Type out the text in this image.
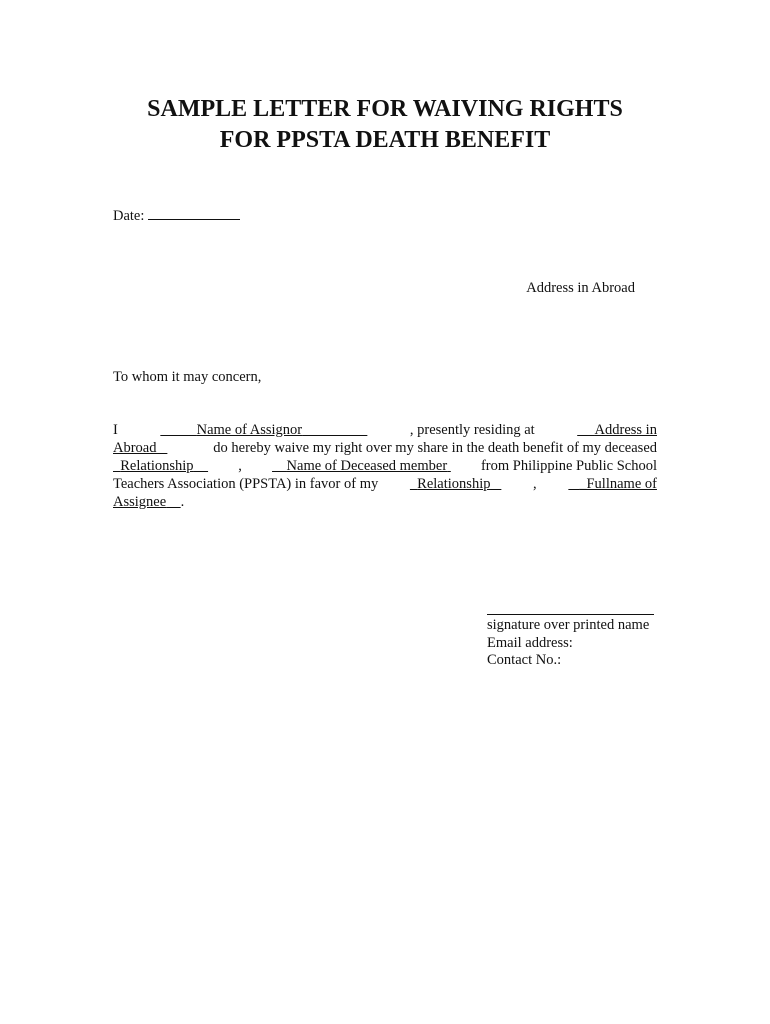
SAMPLE LETTER FOR WAIVING RIGHTS
FOR PPSTA DEATH BENEFIT
Date:
Address in Abroad
To whom it may concern,
I	Name of Assignor	, presently residing at	Address in
Abroad	do hereby waive my right over my share in the death benefit of my deceased
Relationship	,	Name of Deceased member from Philippine Public School
Teachers Association (PPSTA) in favor of my	Relationship	,	_Fullname of
Assignee	.
signature over printed name
Email address:
Contact No.:
